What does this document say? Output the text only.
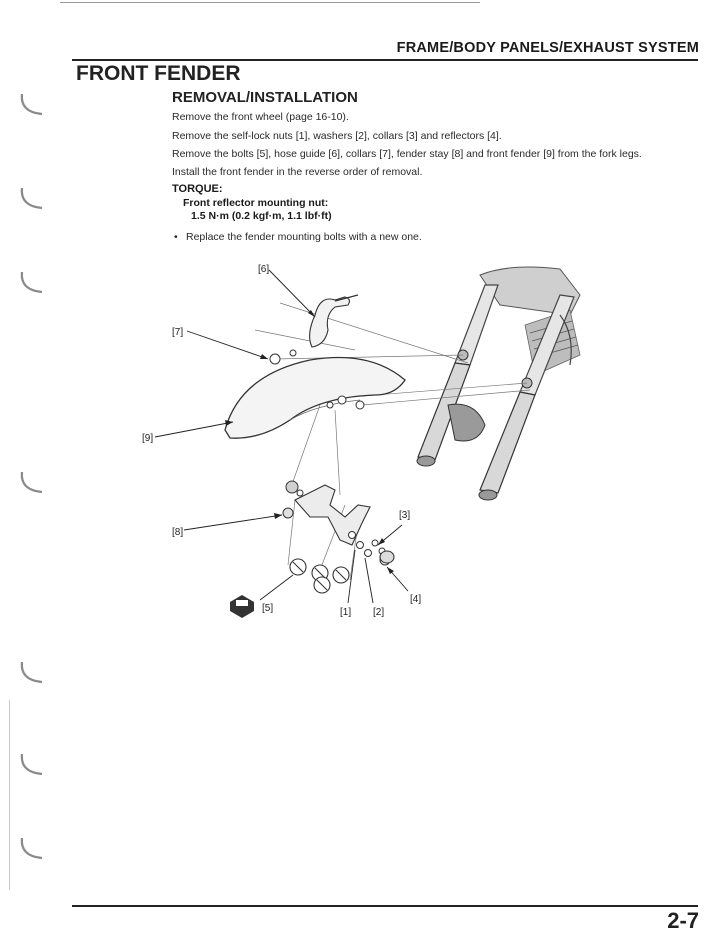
FRAME/BODY PANELS/EXHAUST SYSTEM
FRONT FENDER
REMOVAL/INSTALLATION
Remove the front wheel (page 16-10).
Remove the self-lock nuts [1], washers [2], collars [3] and reflectors [4].
Remove the bolts [5], hose guide [6], collars [7], fender stay [8] and front fender [9] from the fork legs.
Install the front fender in the reverse order of removal.
TORQUE:
Front reflector mounting nut:
1.5 N·m (0.2 kgf·m, 1.1 lbf·ft)
• Replace the fender mounting bolts with a new one.
[6]
[7]
[9]
[8]
[3]
[4]
[5]	[1] [2]
2-7
